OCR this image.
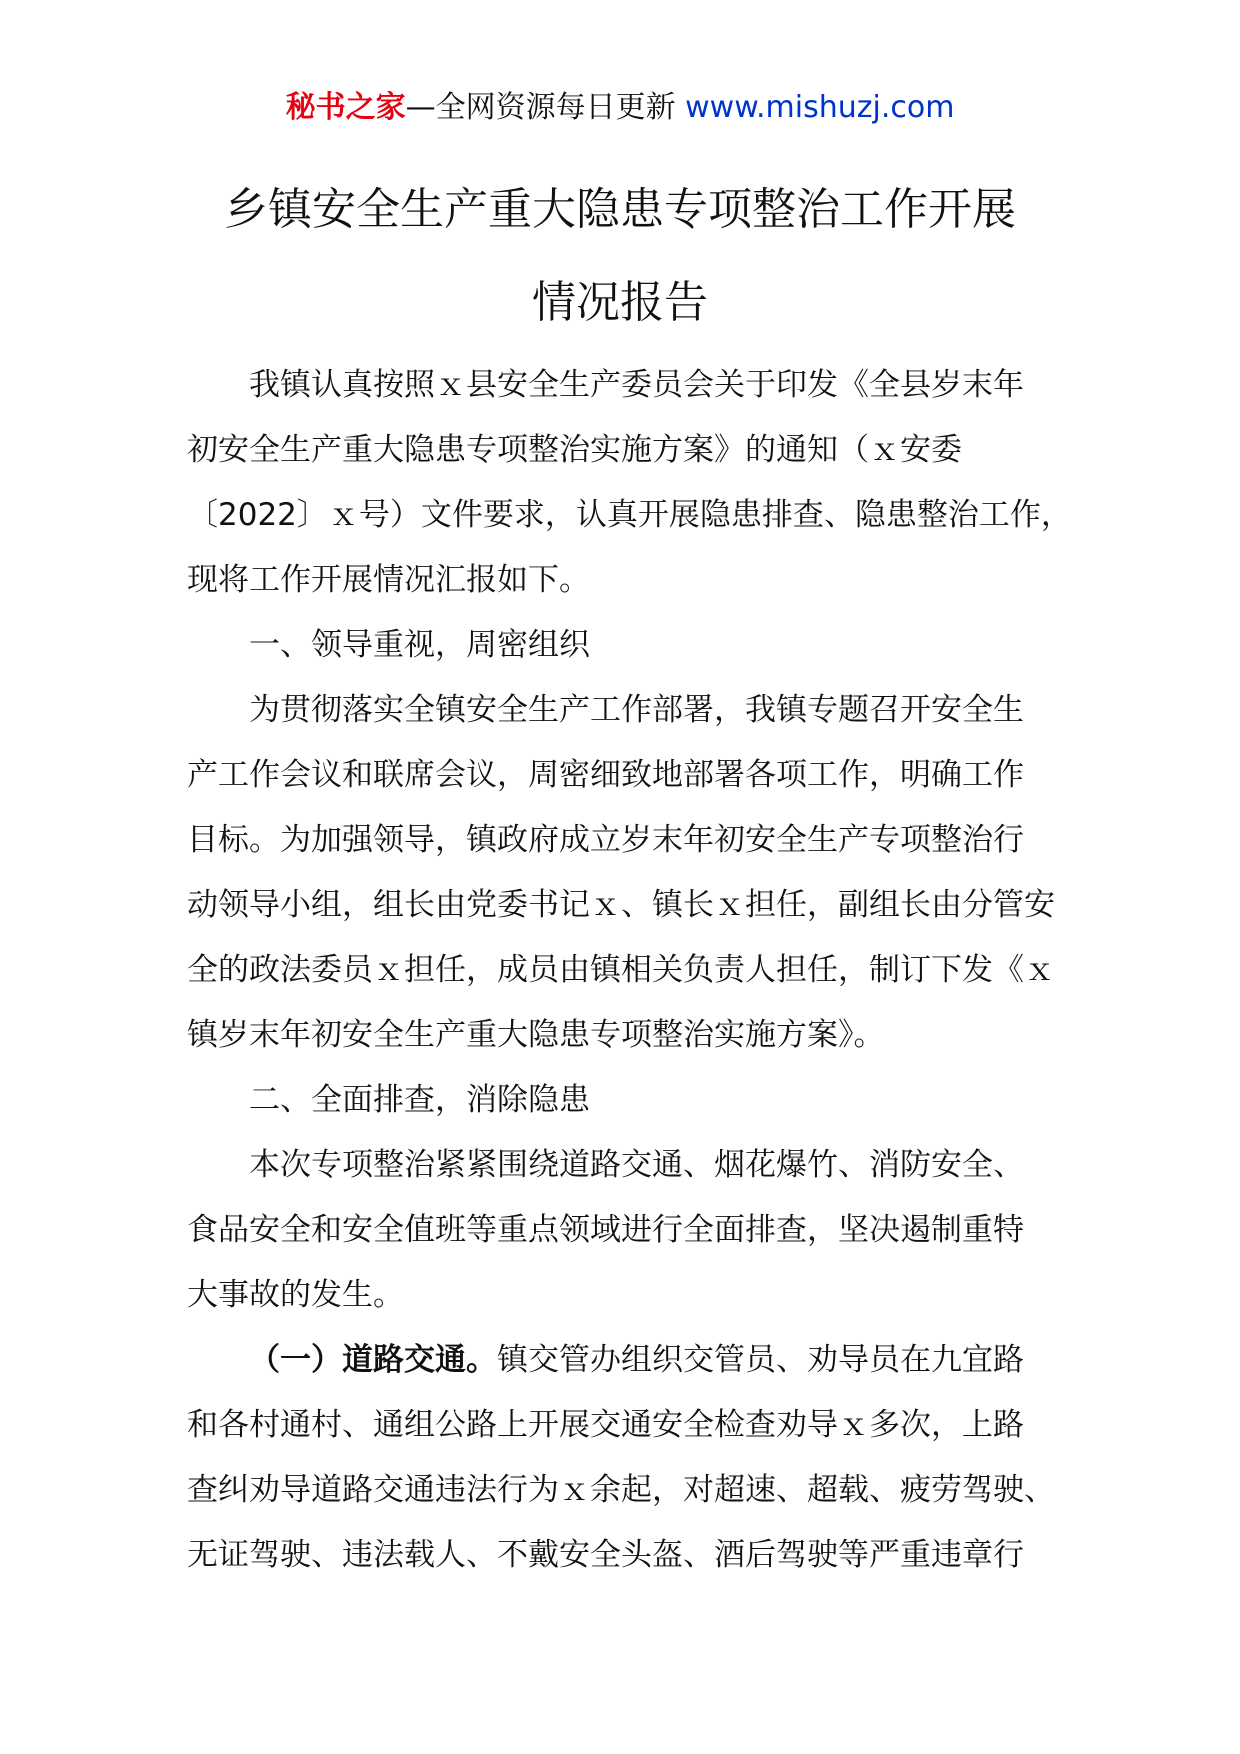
秘书之家—全网资源每日更新 www.mishuzj.com
乡镇安全生产重大隐患专项整治工作开展
情况报告

我镇认真按照ｘ县安全生产委员会关于印发《全县岁末年
初安全生产重大隐患专项整治实施方案》的通知（ｘ安委
〔2022〕ｘ号）文件要求，认真开展隐患排查、隐患整治工作，
现将工作开展情况汇报如下。

一、领导重视，周密组织

为贯彻落实全镇安全生产工作部署，我镇专题召开安全生
产工作会议和联席会议，周密细致地部署各项工作，明确工作
目标。为加强领导，镇政府成立岁末年初安全生产专项整治行
动领导小组，组长由党委书记ｘ、镇长ｘ担任，副组长由分管安
全的政法委员ｘ担任，成员由镇相关负责人担任，制订下发《ｘ
镇岁末年初安全生产重大隐患专项整治实施方案》。

二、全面排查，消除隐患

本次专项整治紧紧围绕道路交通、烟花爆竹、消防安全、
食品安全和安全值班等重点领域进行全面排查，坚决遏制重特
大事故的发生。

（一）道路交通。镇交管办组织交管员、劝导员在九宜路
和各村通村、通组公路上开展交通安全检查劝导ｘ多次，上路
查纠劝导道路交通违法行为ｘ余起，对超速、超载、疲劳驾驶、
无证驾驶、违法载人、不戴安全头盔、酒后驾驶等严重违章行
